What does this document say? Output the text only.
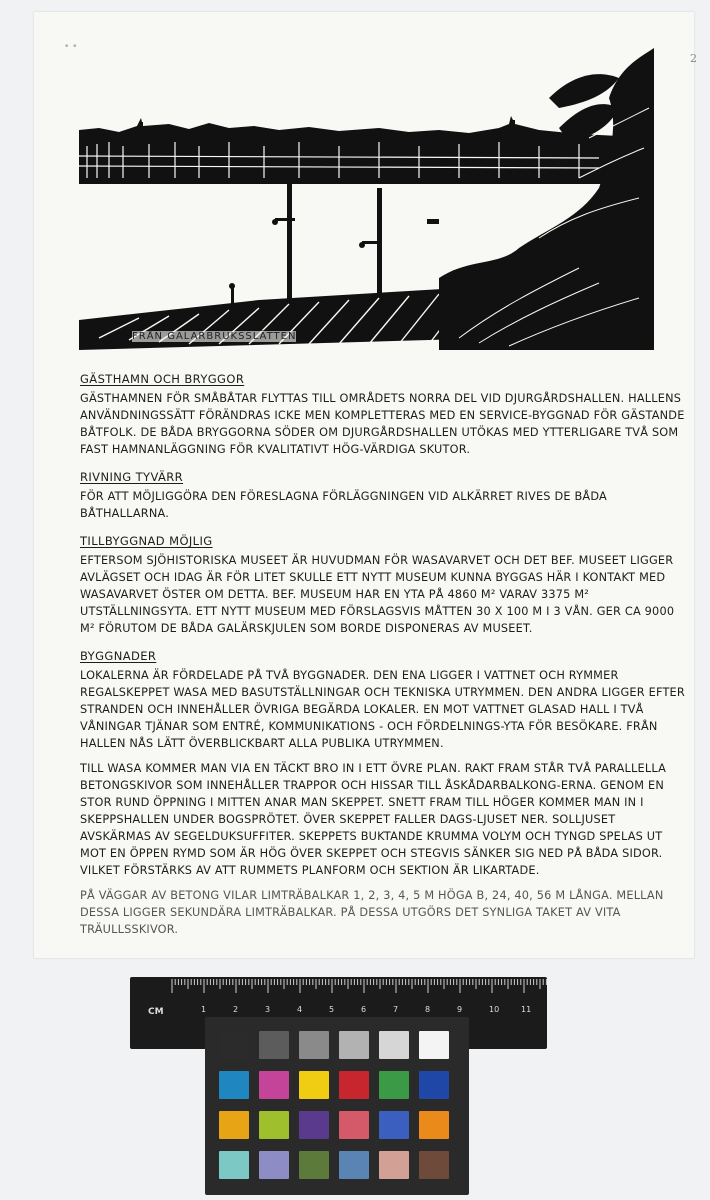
• •
2
FRÅN GALÄRBRUKSSLÄTTEN
GÄSTHAMN OCH BRYGGOR

GÄSTHAMNEN FÖR SMÅBÅTAR FLYTTAS TILL OMRÅDETS NORRA DEL VID DJURGÅRDSHALLEN. HALLENS ANVÄNDNINGSSÄTT FÖRÄNDRAS ICKE MEN KOMPLETTERAS MED EN SERVICE-BYGGNAD FÖR GÄSTANDE BÅTFOLK. DE BÅDA BRYGGORNA SÖDER OM DJURGÅRDSHALLEN UTÖKAS MED YTTERLIGARE TVÅ SOM FAST HAMNANLÄGGNING FÖR KVALITATIVT HÖG-VÄRDIGA SKUTOR.

RIVNING TYVÄRR

FÖR ATT MÖJLIGGÖRA DEN FÖRESLAGNA FÖRLÄGGNINGEN VID ALKÄRRET RIVES DE BÅDA BÅTHALLARNA.

TILLBYGGNAD MÖJLIG

EFTERSOM SJÖHISTORISKA MUSEET ÄR HUVUDMAN FÖR WASAVARVET OCH DET BEF. MUSEET LIGGER AVLÄGSET OCH IDAG ÄR FÖR LITET SKULLE ETT NYTT MUSEUM KUNNA BYGGAS HÄR I KONTAKT MED WASAVARVET ÖSTER OM DETTA. BEF. MUSEUM HAR EN YTA PÅ 4860 M² VARAV 3375 M² UTSTÄLLNINGSYTA. ETT NYTT MUSEUM MED FÖRSLAGSVIS MÅTTEN 30 X 100 M I 3 VÅN. GER CA 9000 M² FÖRUTOM DE BÅDA GALÄRSKJULEN SOM BORDE DISPONERAS AV MUSEET.

BYGGNADER

LOKALERNA ÄR FÖRDELADE PÅ TVÅ BYGGNADER. DEN ENA LIGGER I VATTNET OCH RYMMER REGALSKEPPET WASA MED BASUTSTÄLLNINGAR OCH TEKNISKA UTRYMMEN. DEN ANDRA LIGGER EFTER STRANDEN OCH INNEHÅLLER ÖVRIGA BEGÄRDA LOKALER. EN MOT VATTNET GLASAD HALL I TVÅ VÅNINGAR TJÄNAR SOM ENTRÉ, KOMMUNIKATIONS - OCH FÖRDELNINGS-YTA FÖR BESÖKARE. FRÅN HALLEN NÅS LÄTT ÖVERBLICKBART ALLA PUBLIKA UTRYMMEN.

TILL WASA KOMMER MAN VIA EN TÄCKT BRO IN I ETT ÖVRE PLAN. RAKT FRAM STÅR TVÅ PARALLELLA BETONGSKIVOR SOM INNEHÅLLER TRAPPOR OCH HISSAR TILL ÅSKÅDARBALKONG-ERNA. GENOM EN STOR RUND ÖPPNING I MITTEN ANAR MAN SKEPPET. SNETT FRAM TILL HÖGER KOMMER MAN IN I SKEPPSHALLEN UNDER BOGSPRÖTET. ÖVER SKEPPET FALLER DAGS-LJUSET NER. SOLLJUSET AVSKÄRMAS AV SEGELDUKSUFFITER. SKEPPETS BUKTANDE KRUMMA VOLYM OCH TYNGD SPELAS UT MOT EN ÖPPEN RYMD SOM ÄR HÖG ÖVER SKEPPET OCH STEGVIS SÄNKER SIG NED PÅ BÅDA SIDOR. VILKET FÖRSTÄRKS AV ATT RUMMETS PLANFORM OCH SEKTION ÄR LIKARTADE.

PÅ VÄGGAR AV BETONG VILAR LIMTRÄBALKAR 1, 2, 3, 4, 5 M HÖGA B, 24, 40, 56 M LÅNGA. MELLAN DESSA LIGGER SEKUNDÄRA LIMTRÄBALKAR. PÅ DESSA UTGÖRS DET SYNLIGA TAKET AV VITA TRÄULLSSKIVOR.

CM	1	2	3	4	5	6	7	8	9	10	11
